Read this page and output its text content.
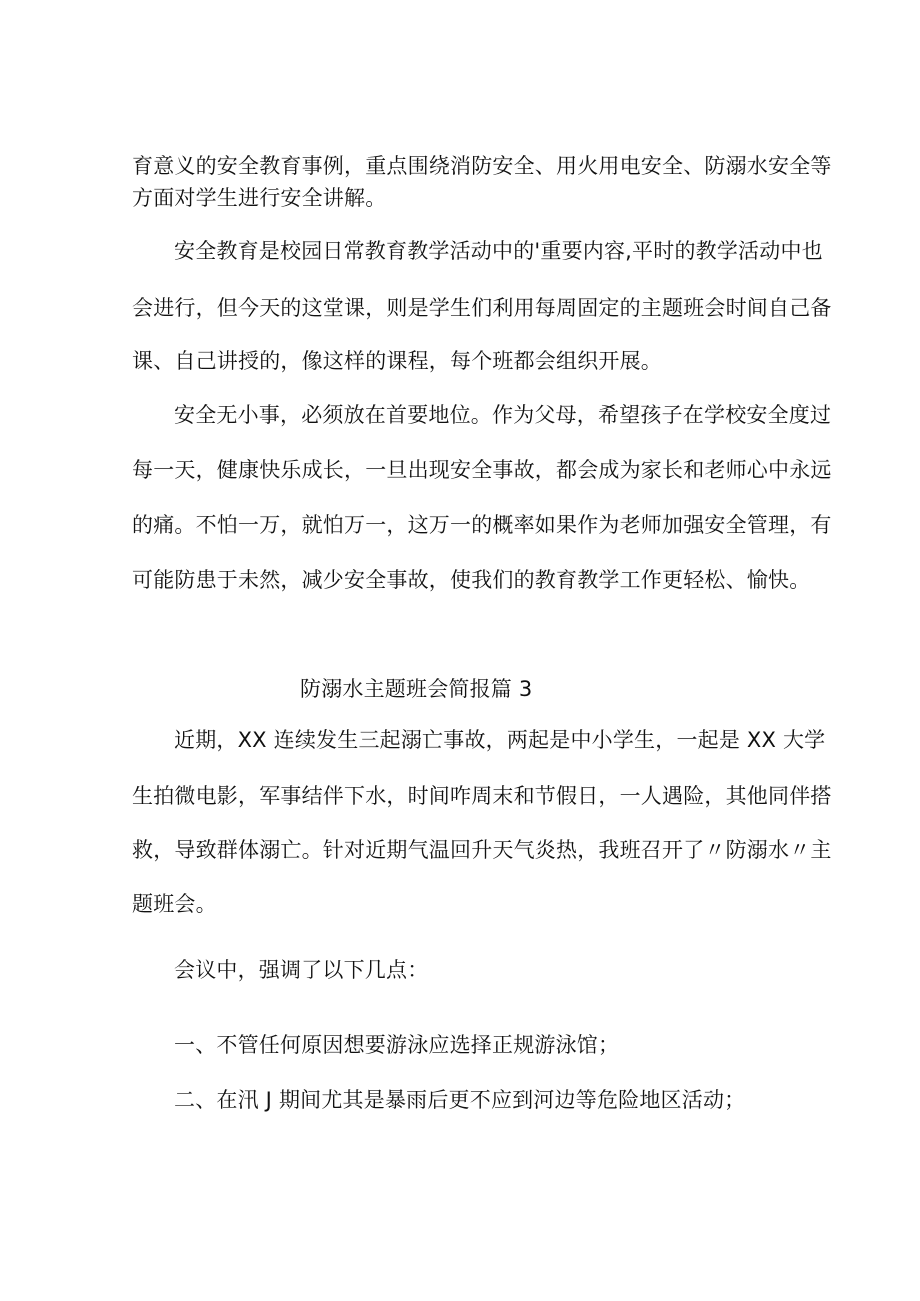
育意义的安全教育事例，重点围绕消防安全、用火用电安全、防溺水安全等
方面对学生进行安全讲解。
安全教育是校园日常教育教学活动中的'重要内容,平时的教学活动中也
会进行，但今天的这堂课，则是学生们利用每周固定的主题班会时间自己备
课、自己讲授的，像这样的课程，每个班都会组织开展。
安全无小事，必须放在首要地位。作为父母，希望孩子在学校安全度过
每一天，健康快乐成长，一旦出现安全事故，都会成为家长和老师心中永远
的痛。不怕一万，就怕万一，这万一的概率如果作为老师加强安全管理，有
可能防患于未然，减少安全事故，使我们的教育教学工作更轻松、愉快。
防溺水主题班会简报篇 3
近期，XX 连续发生三起溺亡事故，两起是中小学生，一起是 XX 大学
生拍微电影，军事结伴下水，时间咋周末和节假日，一人遇险，其他同伴搭
救，导致群体溺亡。针对近期气温回升天气炎热，我班召开了〃防溺水〃主
题班会。
会议中，强调了以下几点：
一、不管任何原因想要游泳应选择正规游泳馆；
二、在汛 J 期间尤其是暴雨后更不应到河边等危险地区活动；
